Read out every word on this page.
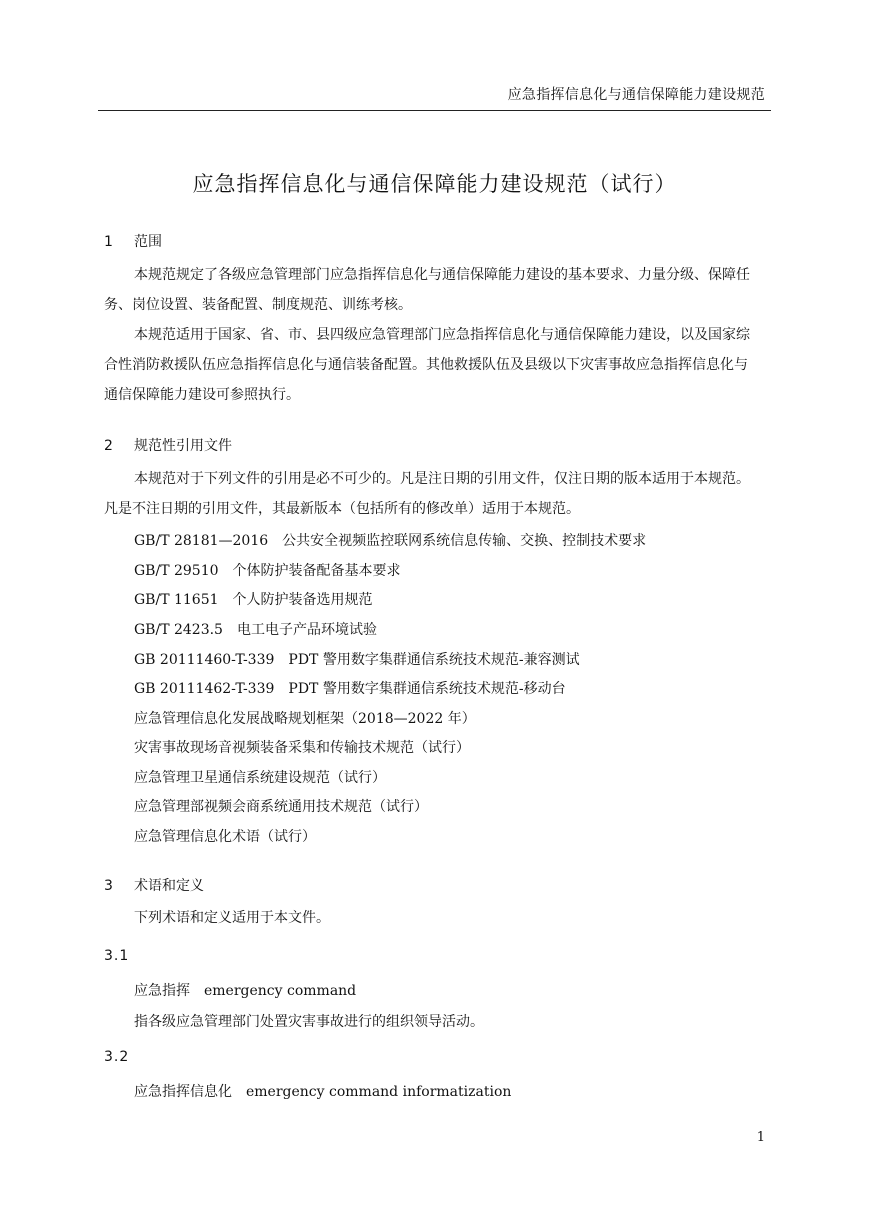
应急指挥信息化与通信保障能力建设规范
应急指挥信息化与通信保障能力建设规范（试行）
1 范围

本规范规定了各级应急管理部门应急指挥信息化与通信保障能力建设的基本要求、力量分级、保障任务、岗位设置、装备配置、制度规范、训练考核。

本规范适用于国家、省、市、县四级应急管理部门应急指挥信息化与通信保障能力建设，以及国家综合性消防救援队伍应急指挥信息化与通信装备配置。其他救援队伍及县级以下灾害事故应急指挥信息化与通信保障能力建设可参照执行。

2 规范性引用文件

本规范对于下列文件的引用是必不可少的。凡是注日期的引用文件，仅注日期的版本适用于本规范。凡是不注日期的引用文件，其最新版本（包括所有的修改单）适用于本规范。

GB/T 28181—2016 公共安全视频监控联网系统信息传输、交换、控制技术要求
GB/T 29510 个体防护装备配备基本要求
GB/T 11651 个人防护装备选用规范
GB/T 2423.5 电工电子产品环境试验
GB 20111460-T-339 PDT 警用数字集群通信系统技术规范-兼容测试
GB 20111462-T-339 PDT 警用数字集群通信系统技术规范-移动台
应急管理信息化发展战略规划框架（2018—2022 年）
灾害事故现场音视频装备采集和传输技术规范（试行）
应急管理卫星通信系统建设规范（试行）
应急管理部视频会商系统通用技术规范（试行）
应急管理信息化术语（试行）
3 术语和定义
下列术语和定义适用于本文件。
3.1
应急指挥 emergency command
指各级应急管理部门处置灾害事故进行的组织领导活动。
3.2
应急指挥信息化 emergency command informatization
1
